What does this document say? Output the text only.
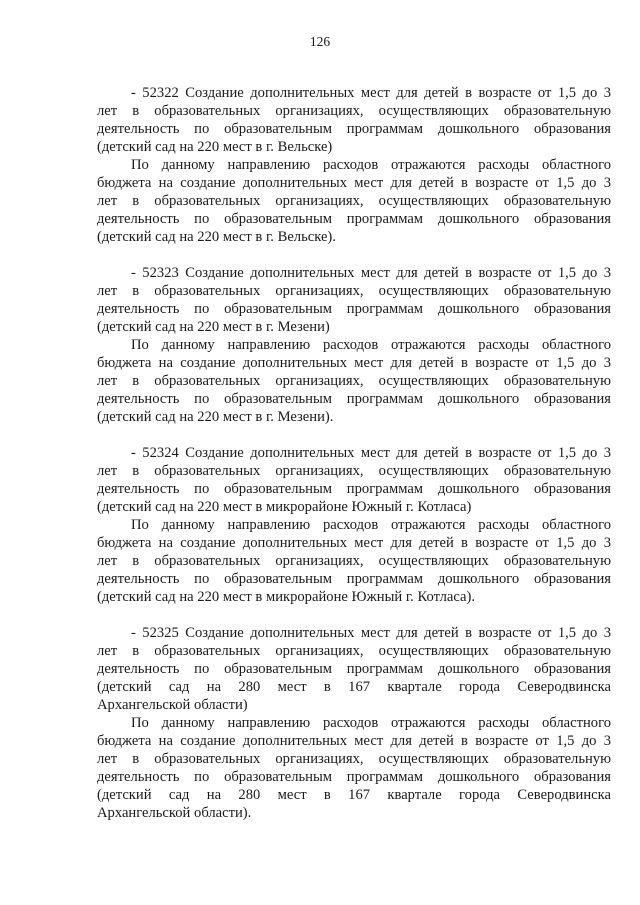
126
- 52322 Создание дополнительных мест для детей в возрасте от 1,5 до 3
лет в образовательных организациях, осуществляющих образовательную
деятельность по образовательным программам дошкольного образования
(детский сад на 220 мест в г. Вельске)
По данному направлению расходов отражаются расходы областного
бюджета на создание дополнительных мест для детей в возрасте от 1,5 до 3
лет в образовательных организациях, осуществляющих образовательную
деятельность по образовательным программам дошкольного образования
(детский сад на 220 мест в г. Вельске).
- 52323 Создание дополнительных мест для детей в возрасте от 1,5 до 3
лет в образовательных организациях, осуществляющих образовательную
деятельность по образовательным программам дошкольного образования
(детский сад на 220 мест в г. Мезени)
По данному направлению расходов отражаются расходы областного
бюджета на создание дополнительных мест для детей в возрасте от 1,5 до 3
лет в образовательных организациях, осуществляющих образовательную
деятельность по образовательным программам дошкольного образования
(детский сад на 220 мест в г. Мезени).
- 52324 Создание дополнительных мест для детей в возрасте от 1,5 до 3
лет в образовательных организациях, осуществляющих образовательную
деятельность по образовательным программам дошкольного образования
(детский сад на 220 мест в микрорайоне Южный г. Котласа)
По данному направлению расходов отражаются расходы областного
бюджета на создание дополнительных мест для детей в возрасте от 1,5 до 3
лет в образовательных организациях, осуществляющих образовательную
деятельность по образовательным программам дошкольного образования
(детский сад на 220 мест в микрорайоне Южный г. Котласа).
- 52325 Создание дополнительных мест для детей в возрасте от 1,5 до 3
лет в образовательных организациях, осуществляющих образовательную
деятельность по образовательным программам дошкольного образования
(детский сад на 280 мест в 167 квартале города Северодвинска
Архангельской области)
По данному направлению расходов отражаются расходы областного
бюджета на создание дополнительных мест для детей в возрасте от 1,5 до 3
лет в образовательных организациях, осуществляющих образовательную
деятельность по образовательным программам дошкольного образования
(детский сад на 280 мест в 167 квартале города Северодвинска
Архангельской области).
